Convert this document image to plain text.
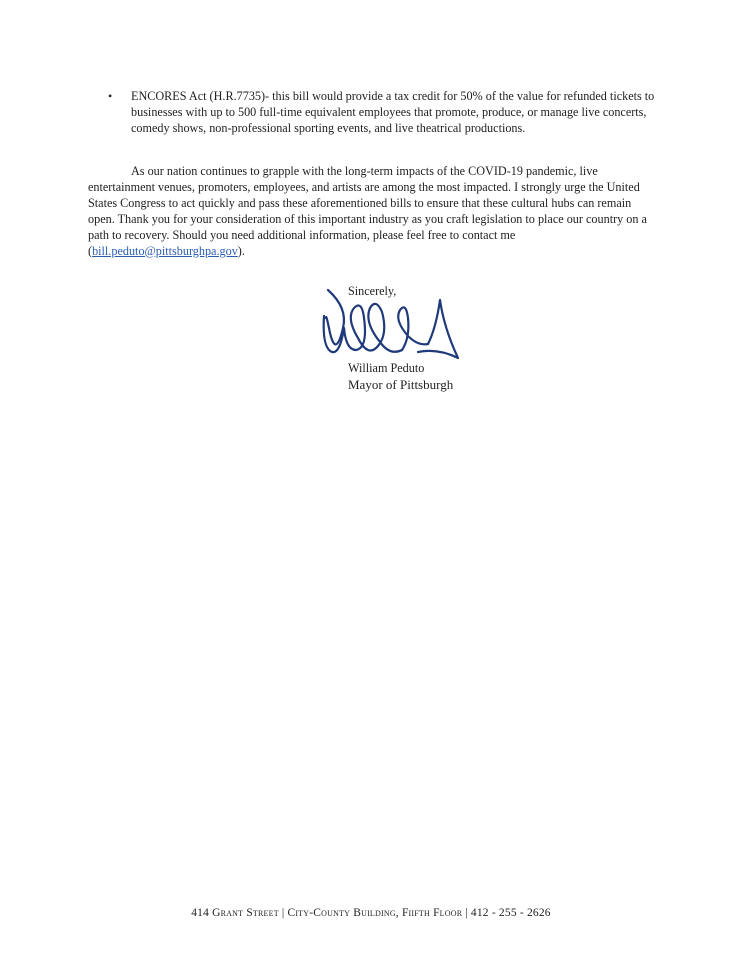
• ENCORES Act (H.R.7735)- this bill would provide a tax credit for 50% of the value for refunded tickets to businesses with up to 500 full-time equivalent employees that promote, produce, or manage live concerts, comedy shows, non-professional sporting events, and live theatrical productions.
As our nation continues to grapple with the long-term impacts of the COVID-19 pandemic, live entertainment venues, promoters, employees, and artists are among the most impacted. I strongly urge the United States Congress to act quickly and pass these aforementioned bills to ensure that these cultural hubs can remain open. Thank you for your consideration of this important industry as you craft legislation to place our country on a path to recovery. Should you need additional information, please feel free to contact me (bill.peduto@pittsburghpa.gov).
Sincerely,
William Peduto
Mayor of Pittsburgh
414 Grant Street | City-County Building, Fiifth Floor | 412 - 255 - 2626
